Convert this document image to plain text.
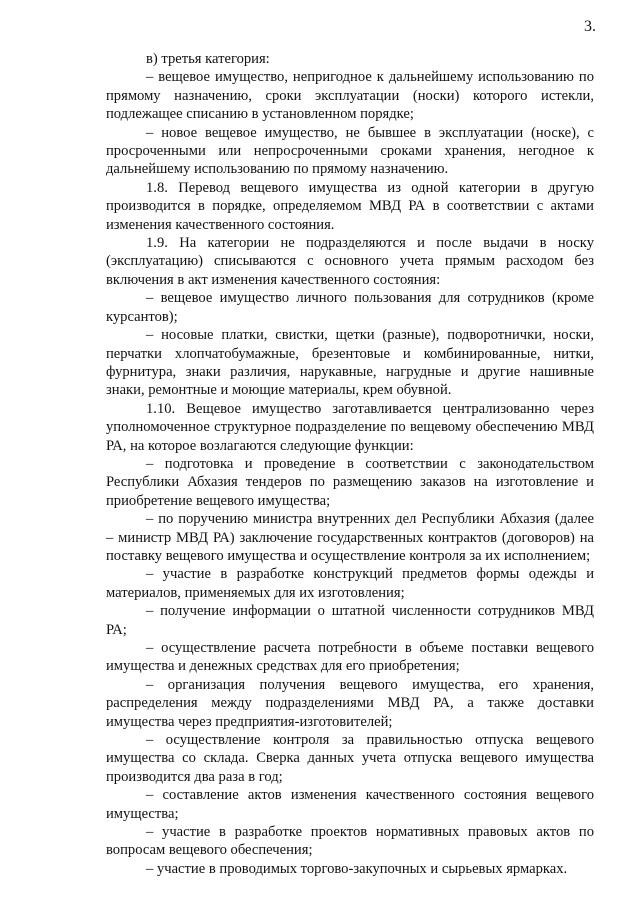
3.

в) третья категория:

– вещевое имущество, непригодное к дальнейшему использованию по прямому назначению, сроки эксплуатации (носки) которого истекли, подлежащее списанию в установленном порядке;

– новое вещевое имущество, не бывшее в эксплуатации (носке), с просроченными или непросроченными сроками хранения, негодное к дальнейшему использованию по прямому назначению.

1.8. Перевод вещевого имущества из одной категории в другую производится в порядке, определяемом МВД РА в соответствии с актами изменения качественного состояния.

1.9. На категории не подразделяются и после выдачи в носку (эксплуатацию) списываются с основного учета прямым расходом без включения в акт изменения качественного состояния:

– вещевое имущество личного пользования для сотрудников (кроме курсантов);

– носовые платки, свистки, щетки (разные), подворотнички, носки, перчатки хлопчатобумажные, брезентовые и комбинированные, нитки, фурнитура, знаки различия, нарукавные, нагрудные и другие нашивные знаки, ремонтные и моющие материалы, крем обувной.

1.10. Вещевое имущество заготавливается централизованно через уполномоченное структурное подразделение по вещевому обеспечению МВД РА, на которое возлагаются следующие функции:

– подготовка и проведение в соответствии с законодательством Республики Абхазия тендеров по размещению заказов на изготовление и приобретение вещевого имущества;

– по поручению министра внутренних дел Республики Абхазия (далее – министр МВД РА) заключение государственных контрактов (договоров) на поставку вещевого имущества и осуществление контроля за их исполнением;

– участие в разработке конструкций предметов формы одежды и материалов, применяемых для их изготовления;

– получение информации о штатной численности сотрудников МВД РА;

– осуществление расчета потребности в объеме поставки вещевого имущества и денежных средствах для его приобретения;

– организация получения вещевого имущества, его хранения, распределения между подразделениями МВД РА, а также доставки имущества через предприятия-изготовителей;

– осуществление контроля за правильностью отпуска вещевого имущества со склада. Сверка данных учета отпуска вещевого имущества производится два раза в год;

– составление актов изменения качественного состояния вещевого имущества;

– участие в разработке проектов нормативных правовых актов по вопросам вещевого обеспечения;

– участие в проводимых торгово-закупочных и сырьевых ярмарках.
